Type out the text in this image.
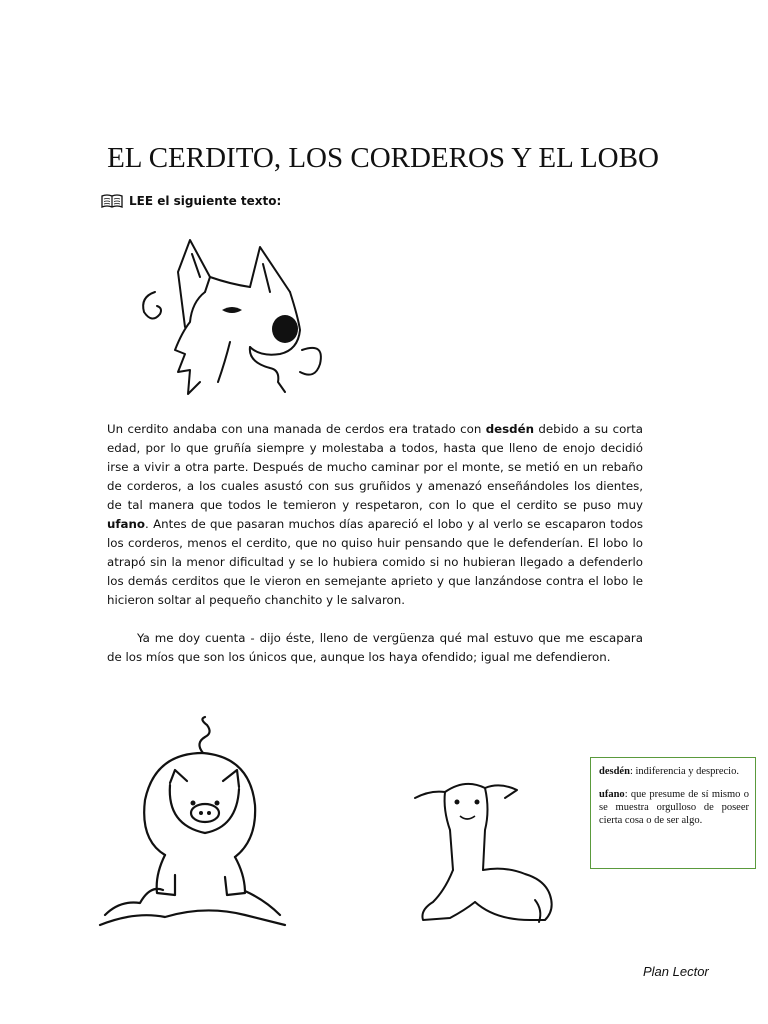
EL CERDITO, LOS CORDEROS Y EL LOBO
LEE el siguiente texto:

Un cerdito andaba con una manada de cerdos era tratado con desdén debido a su corta edad, por lo que gruñía siempre y molestaba a todos, hasta que lleno de enojo decidió irse a vivir a otra parte. Después de mucho caminar por el monte, se metió en un rebaño de corderos, a los cuales asustó con sus gruñidos y amenazó enseñándoles los dientes, de tal manera que todos le temieron y respetaron, con lo que el cerdito se puso muy ufano. Antes de que pasaran muchos días apareció el lobo y al verlo se escaparon todos los corderos, menos el cerdito, que no quiso huir pensando que le defenderían. El lobo lo atrapó sin la menor dificultad y se lo hubiera comido si no hubieran llegado a defenderlo los demás cerditos que le vieron en semejante aprieto y que lanzándose contra el lobo le hicieron soltar al pequeño chanchito y le salvaron.

Ya me doy cuenta - dijo éste, lleno de vergüenza qué mal estuvo que me escapara de los míos que son los únicos que, aunque los haya ofendido; igual me defendieron.

desdén: indiferencia y desprecio.

ufano: que presume de sí mismo o se muestra orgulloso de poseer cierta cosa o de ser algo.

Plan Lector
